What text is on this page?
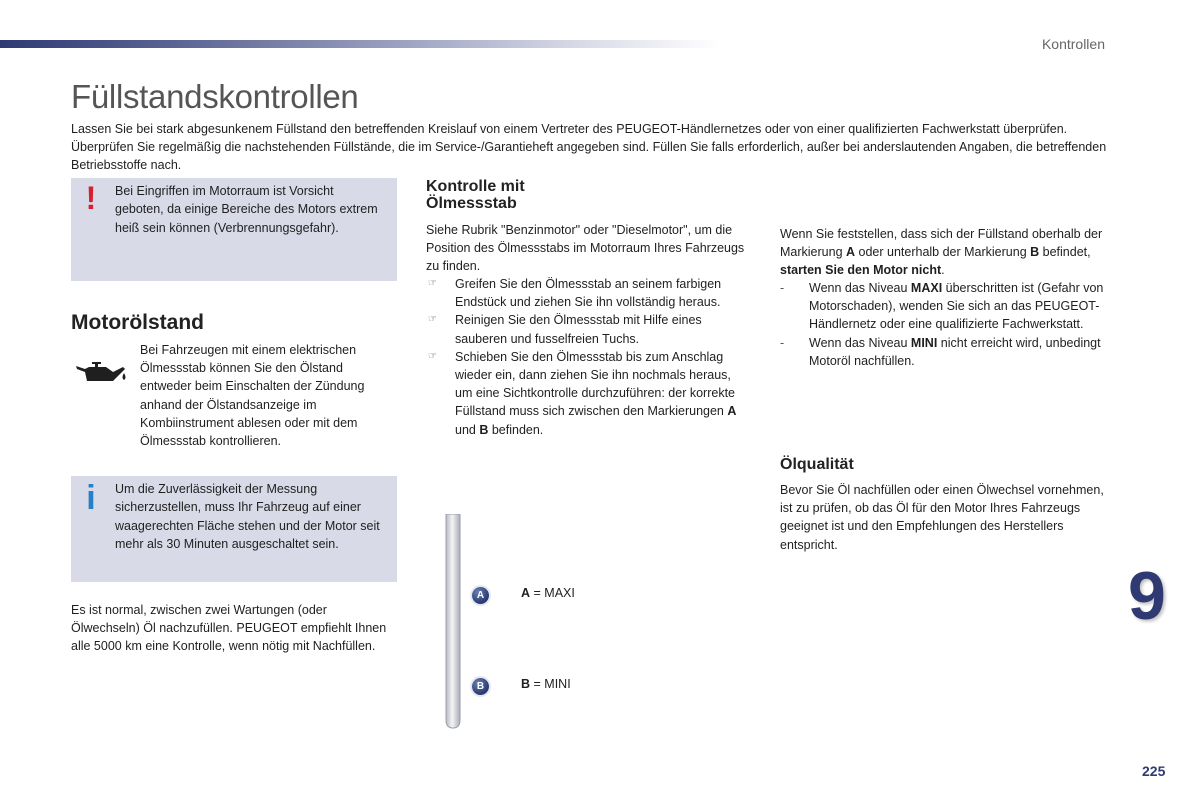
Kontrollen
Füllstandskontrollen

Lassen Sie bei stark abgesunkenem Füllstand den betreffenden Kreislauf von einem Vertreter des PEUGEOT-Händlernetzes oder von einer qualifizierten Fachwerkstatt überprüfen. Überprüfen Sie regelmäßig die nachstehenden Füllstände, die im Service-/Garantieheft angegeben sind. Füllen Sie falls erforderlich, außer bei anderslautenden Angaben, die betreffenden Betriebsstoffe nach.

! Bei Eingriffen im Motorraum ist Vorsicht geboten, da einige Bereiche des Motors extrem heiß sein können (Verbrennungsgefahr).

Motorölstand

Bei Fahrzeugen mit einem elektrischen Ölmessstab können Sie den Ölstand entweder beim Einschalten der Zündung anhand der Ölstandsanzeige im Kombiinstrument ablesen oder mit dem Ölmessstab kontrollieren.

i Um die Zuverlässigkeit der Messung sicherzustellen, muss Ihr Fahrzeug auf einer waagerechten Fläche stehen und der Motor seit mehr als 30 Minuten ausgeschaltet sein.

Es ist normal, zwischen zwei Wartungen (oder Ölwechseln) Öl nachzufüllen. PEUGEOT empfiehlt Ihnen alle 5000 km eine Kontrolle, wenn nötig mit Nachfüllen.

Kontrolle mit
Ölmessstab

Siehe Rubrik "Benzinmotor" oder "Dieselmotor", um die Position des Ölmessstabs im Motorraum Ihres Fahrzeugs zu finden.

☞ Greifen Sie den Ölmessstab an seinem farbigen Endstück und ziehen Sie ihn vollständig heraus.
☞ Reinigen Sie den Ölmessstab mit Hilfe eines sauberen und fusselfreien Tuchs.
☞ Schieben Sie den Ölmessstab bis zum Anschlag wieder ein, dann ziehen Sie ihn nochmals heraus, um eine Sichtkontrolle durchzuführen: der korrekte Füllstand muss sich zwischen den Markierungen A und B befinden.
A	A = MAXI
B	B = MINI

Wenn Sie feststellen, dass sich der Füllstand oberhalb der Markierung A oder unterhalb der Markierung B befindet, starten Sie den Motor nicht.

- Wenn das Niveau MAXI überschritten ist (Gefahr von Motorschaden), wenden Sie sich an das PEUGEOT-Händlernetz oder eine qualifizierte Fachwerkstatt.
- Wenn das Niveau MINI nicht erreicht wird, unbedingt Motoröl nachfüllen.
Ölqualität

Bevor Sie Öl nachfüllen oder einen Ölwechsel vornehmen, ist zu prüfen, ob das Öl für den Motor Ihres Fahrzeugs geeignet ist und den Empfehlungen des Herstellers entspricht.

9
225
